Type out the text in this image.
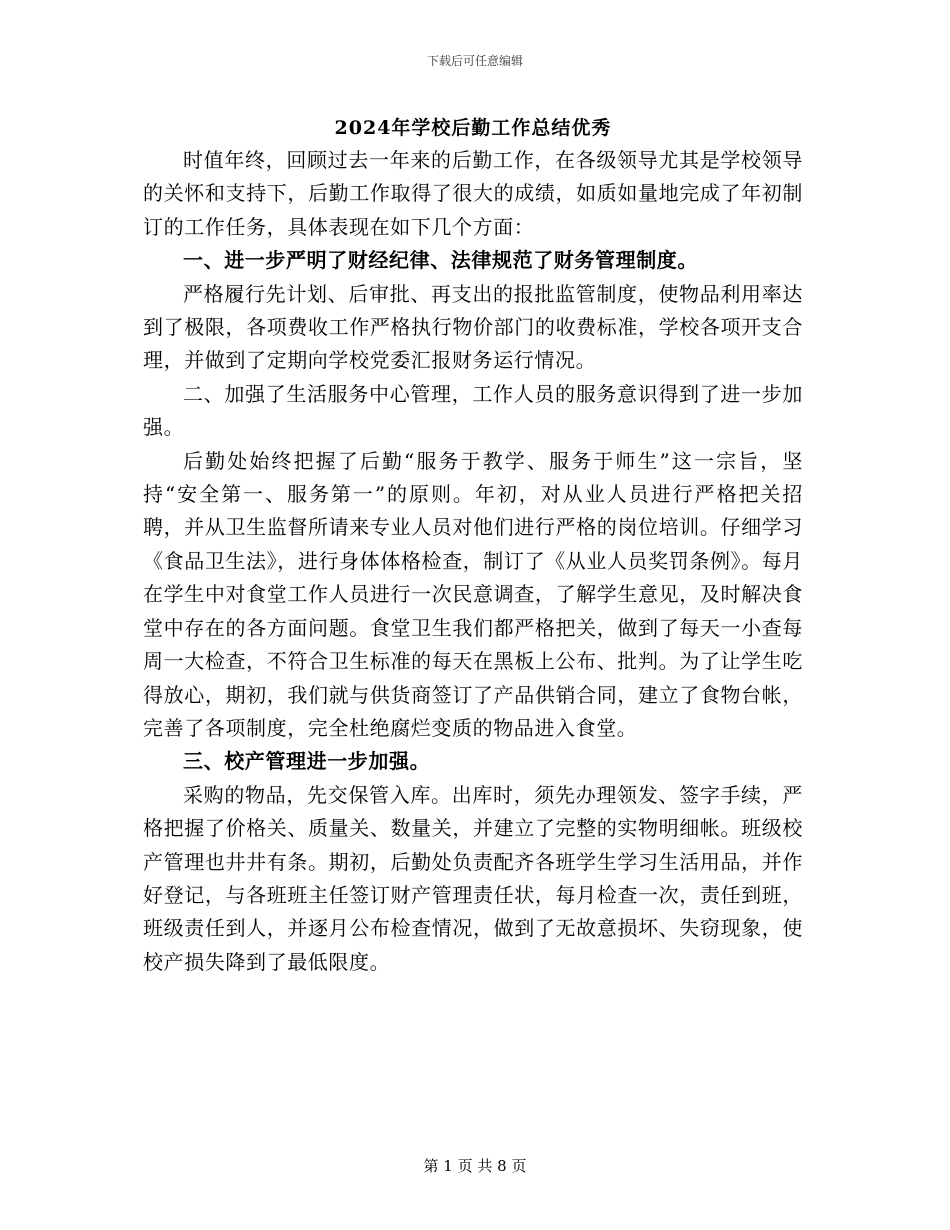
下载后可任意编辑
2024年学校后勤工作总结优秀

时值年终，回顾过去一年来的后勤工作，在各级领导尤其是学校领导的关怀和支持下，后勤工作取得了很大的成绩，如质如量地完成了年初制订的工作任务，具体表现在如下几个方面：

一、进一步严明了财经纪律、法律规范了财务管理制度。

严格履行先计划、后审批、再支出的报批监管制度，使物品利用率达到了极限，各项费收工作严格执行物价部门的收费标准，学校各项开支合理，并做到了定期向学校党委汇报财务运行情况。

二、加强了生活服务中心管理，工作人员的服务意识得到了进一步加强。

后勤处始终把握了后勤“服务于教学、服务于师生”这一宗旨，坚持“安全第一、服务第一”的原则。年初，对从业人员进行严格把关招聘，并从卫生监督所请来专业人员对他们进行严格的岗位培训。仔细学习《食品卫生法》，进行身体体格检查，制订了《从业人员奖罚条例》。每月在学生中对食堂工作人员进行一次民意调查，了解学生意见，及时解决食堂中存在的各方面问题。食堂卫生我们都严格把关，做到了每天一小查每周一大检查，不符合卫生标准的每天在黑板上公布、批判。为了让学生吃得放心，期初，我们就与供货商签订了产品供销合同，建立了食物台帐，完善了各项制度，完全杜绝腐烂变质的物品进入食堂。

三、校产管理进一步加强。

采购的物品，先交保管入库。出库时，须先办理领发、签字手续，严格把握了价格关、质量关、数量关，并建立了完整的实物明细帐。班级校产管理也井井有条。期初，后勤处负责配齐各班学生学习生活用品，并作好登记，与各班班主任签订财产管理责任状，每月检查一次，责任到班，班级责任到人，并逐月公布检查情况，做到了无故意损坏、失窃现象，使校产损失降到了最低限度。

第 1 页 共 8 页
